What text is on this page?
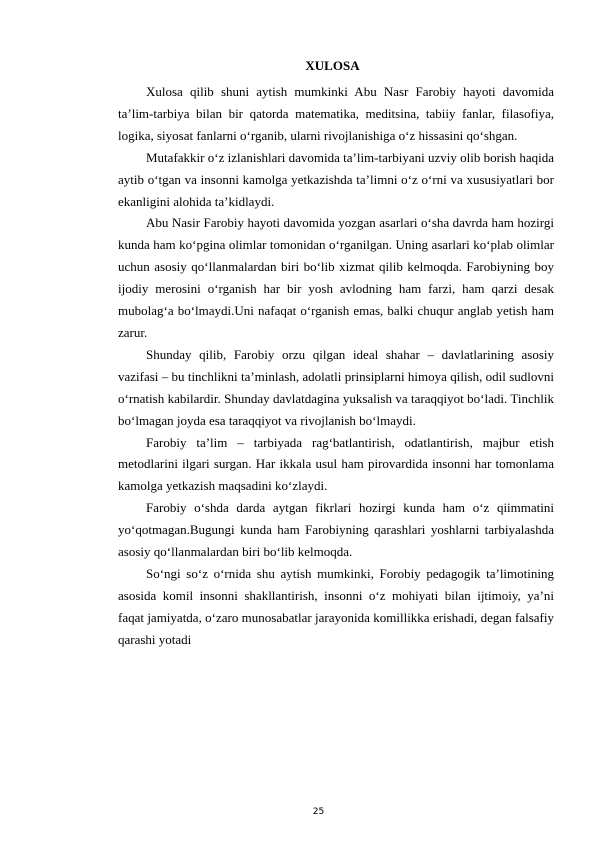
XULOSA

Xulosa qilib shuni aytish mumkinki Abu Nasr Farobiy hayoti davomida ta’lim-tarbiya bilan bir qatorda matematika, meditsina, tabiiy fanlar, filasofiya, logika, siyosat fanlarni o‘rganib, ularni rivojlanishiga o‘z hissasini qo‘shgan.

Mutafakkir o‘z izlanishlari davomida ta’lim-tarbiyani uzviy olib borish haqida aytib o‘tgan va insonni kamolga yetkazishda ta’limni o‘z o‘rni va xususiyatlari bor ekanligini alohida ta’kidlaydi.

Abu Nasir Farobiy hayoti davomida yozgan asarlari o‘sha davrda ham hozirgi kunda ham ko‘pgina olimlar tomonidan o‘rganilgan. Uning asarlari ko‘plab olimlar uchun asosiy qo‘llanmalardan biri bo‘lib xizmat qilib kelmoqda. Farobiyning boy ijodiy merosini o‘rganish har bir yosh avlodning ham farzi, ham qarzi desak mubolag‘a bo‘lmaydi.Uni nafaqat o‘rganish emas, balki chuqur anglab yetish ham zarur.

Shunday qilib, Farobiy orzu qilgan ideal shahar – davlatlarining asosiy vazifasi – bu tinchlikni ta’minlash, adolatli prinsiplarni himoya qilish, odil sudlovni o‘rnatish kabilardir. Shunday davlatdagina yuksalish va taraqqiyot bo‘ladi. Tinchlik bo‘lmagan joyda esa taraqqiyot va rivojlanish bo‘lmaydi.

Farobiy ta’lim – tarbiyada rag‘batlantirish, odatlantirish, majbur etish metodlarini ilgari surgan. Har ikkala usul ham pirovardida insonni har tomonlama kamolga yetkazish maqsadini ko‘zlaydi.

Farobiy o‘shda darda aytgan fikrlari hozirgi kunda ham o‘z qiimmatini yo‘qotmagan.Bugungi kunda ham Farobiyning qarashlari yoshlarni tarbiyalashda asosiy qo‘llanmalardan biri bo‘lib kelmoqda.

So‘ngi so‘z o‘rnida shu aytish mumkinki, Forobiy pedagogik ta’limotining asosida komil insonni shakllantirish, insonni o‘z mohiyati bilan ijtimoiy, ya’ni faqat jamiyatda, o‘zaro munosabatlar jarayonida komillikka erishadi, degan falsafiy qarashi yotadi

25
